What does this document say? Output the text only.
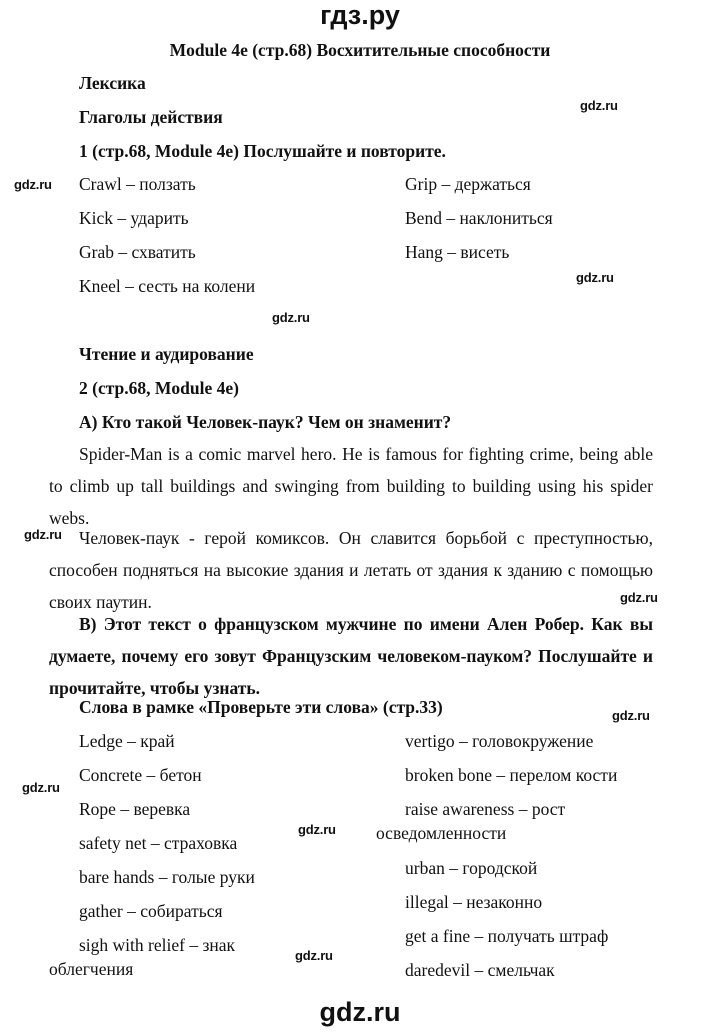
гдз.ру
Module 4e (стр.68) Восхитительные способности
Лексика
gdz.ru
Глаголы действия
1 (стр.68, Module 4e) Послушайте и повторите.
gdz.ru Crawl – ползать
Kick – ударить
Grab – схватить
Kneel – сесть на колени
Grip – держаться
Bend – наклониться
Hang – висеть
gdz.ru
gdz.ru
Чтение и аудирование
2 (стр.68, Module 4e)
A) Кто такой Человек-паук? Чем он знаменит?
Spider-Man is a comic marvel hero. He is famous for fighting crime, being able to climb up tall buildings and swinging from building to building using his spider webs.
gdz.ru Человек-паук - герой комиксов. Он славится борьбой с преступностью, способен подняться на высокие здания и летать от здания к зданию с помощью своих паутин.	gdz.ru
B) Этот текст о французском мужчине по имени Ален Робер. Как вы думаете, почему его зовут Французским человеком-пауком? Послушайте и прочитайте, чтобы узнать.
Слова в рамке «Проверьте эти слова» (стр.33)	gdz.ru
Ledge – край
Concrete – бетон
gdz.ru
Rope – веревка
safety net – страховка
bare hands – голые руки
gather – собираться
sigh with relief – знак
облегчения
gdz.ru
gdz.ru
vertigo – головокружение
broken bone – перелом кости
raise awareness – рост
осведомленности
urban – городской
illegal – незаконно
get a fine – получать штраф
daredevil – смельчак
gdz.ru
